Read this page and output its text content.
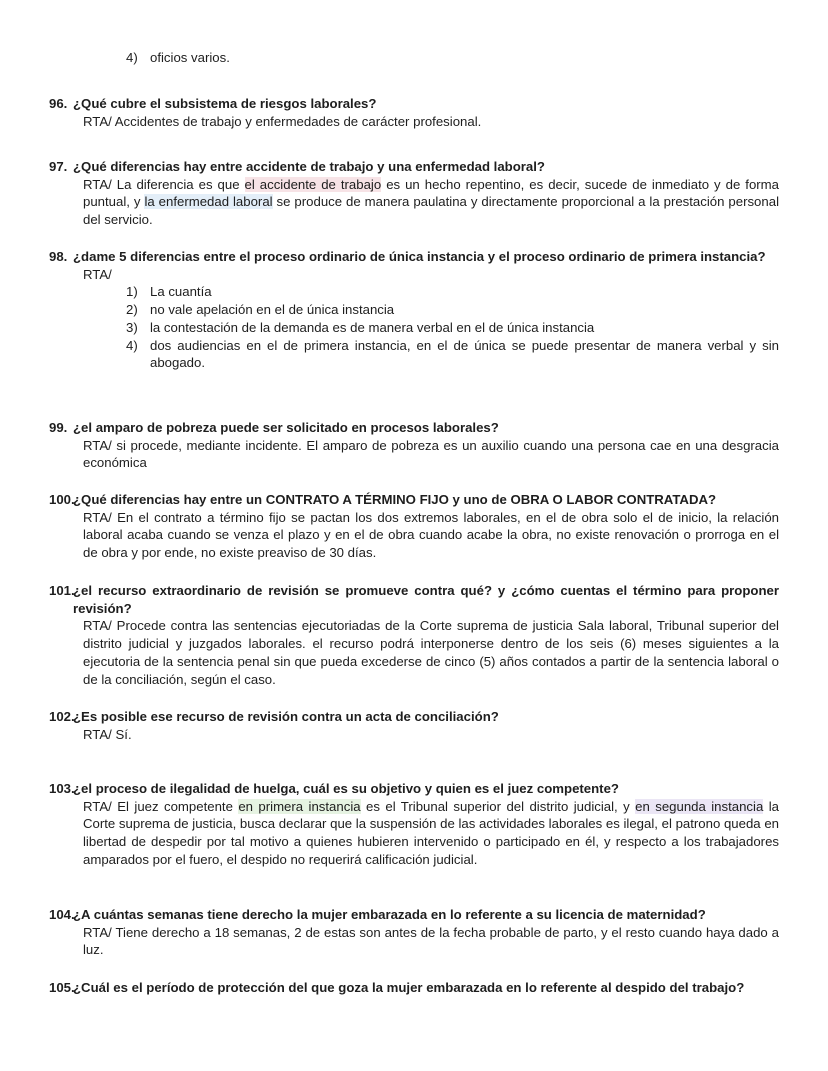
4) oficios varios.
96. ¿Qué cubre el subsistema de riesgos laborales?
RTA/ Accidentes de trabajo y enfermedades de carácter profesional.
97. ¿Qué diferencias hay entre accidente de trabajo y una enfermedad laboral?
RTA/ La diferencia es que el accidente de trabajo es un hecho repentino, es decir, sucede de inmediato y de forma puntual, y la enfermedad laboral se produce de manera paulatina y directamente proporcional a la prestación personal del servicio.
98. ¿dame 5 diferencias entre el proceso ordinario de única instancia y el proceso ordinario de primera instancia?
RTA/
1) La cuantía
2) no vale apelación en el de única instancia
3) la contestación de la demanda es de manera verbal en el de única instancia
4) dos audiencias en el de primera instancia, en el de única se puede presentar de manera verbal y sin abogado.
99. ¿el amparo de pobreza puede ser solicitado en procesos laborales?
RTA/ si procede, mediante incidente. El amparo de pobreza es un auxilio cuando una persona cae en una desgracia económica
100.
¿Qué diferencias hay entre un CONTRATO A TÉRMINO FIJO y uno de OBRA O LABOR CONTRATADA?
RTA/ En el contrato a término fijo se pactan los dos extremos laborales, en el de obra solo el de inicio, la relación laboral acaba cuando se venza el plazo y en el de obra cuando acabe la obra, no existe renovación o prorroga en el de obra y por ende, no existe preaviso de 30 días.
101.
¿el recurso extraordinario de revisión se promueve contra qué? y ¿cómo cuentas el término para proponer revisión?
RTA/ Procede contra las sentencias ejecutoriadas de la Corte suprema de justicia Sala laboral, Tribunal superior del distrito judicial y juzgados laborales. el recurso podrá interponerse dentro de los seis (6) meses siguientes a la ejecutoria de la sentencia penal sin que pueda excederse de cinco (5) años contados a partir de la sentencia laboral o de la conciliación, según el caso.
102.
¿Es posible ese recurso de revisión contra un acta de conciliación?
RTA/ Sí.
103.
¿el proceso de ilegalidad de huelga, cuál es su objetivo y quien es el juez competente?
RTA/ El juez competente en primera instancia es el Tribunal superior del distrito judicial, y en segunda instancia la Corte suprema de justicia, busca declarar que la suspensión de las actividades laborales es ilegal, el patrono queda en libertad de despedir por tal motivo a quienes hubieren intervenido o participado en él, y respecto a los trabajadores amparados por el fuero, el despido no requerirá calificación judicial.
104.
¿A cuántas semanas tiene derecho la mujer embarazada en lo referente a su licencia de maternidad?
RTA/ Tiene derecho a 18 semanas, 2 de estas son antes de la fecha probable de parto, y el resto cuando haya dado a luz.
105.
¿Cuál es el período de protección del que goza la mujer embarazada en lo referente al despido del trabajo?
